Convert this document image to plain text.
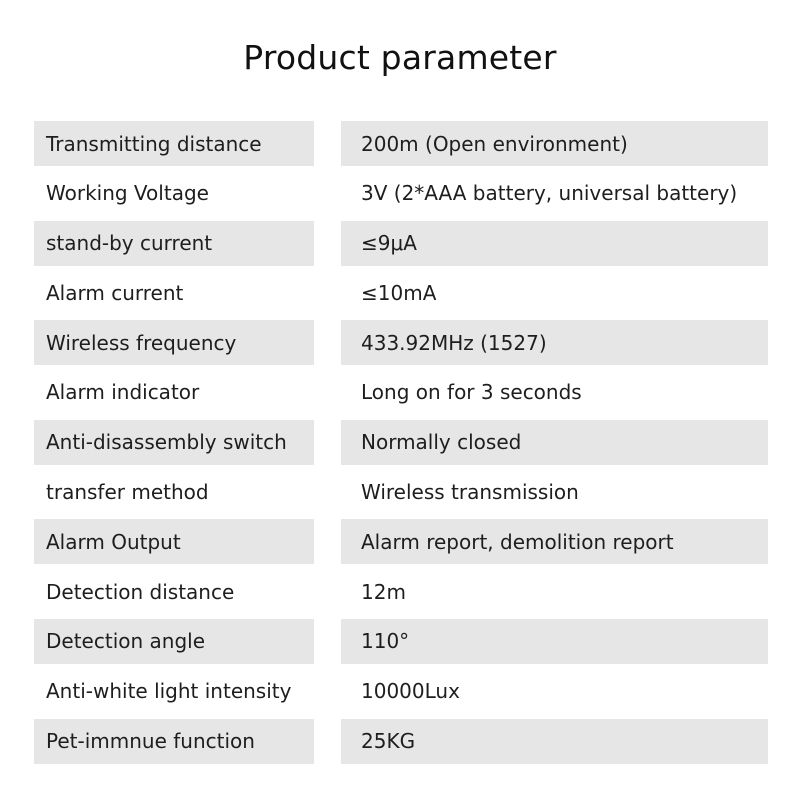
Product parameter
Transmitting distance	200m (Open environment)
Working Voltage	3V (2*AAA battery, universal battery)
stand-by current	≤9μA
Alarm current	≤10mA
Wireless frequency	433.92MHz (1527)
Alarm indicator	Long on for 3 seconds
Anti-disassembly switch	Normally closed
transfer method	Wireless transmission
Alarm Output	Alarm report, demolition report
Detection distance	12m
Detection angle	110°
Anti-white light intensity	10000Lux
Pet-immnue function	25KG
